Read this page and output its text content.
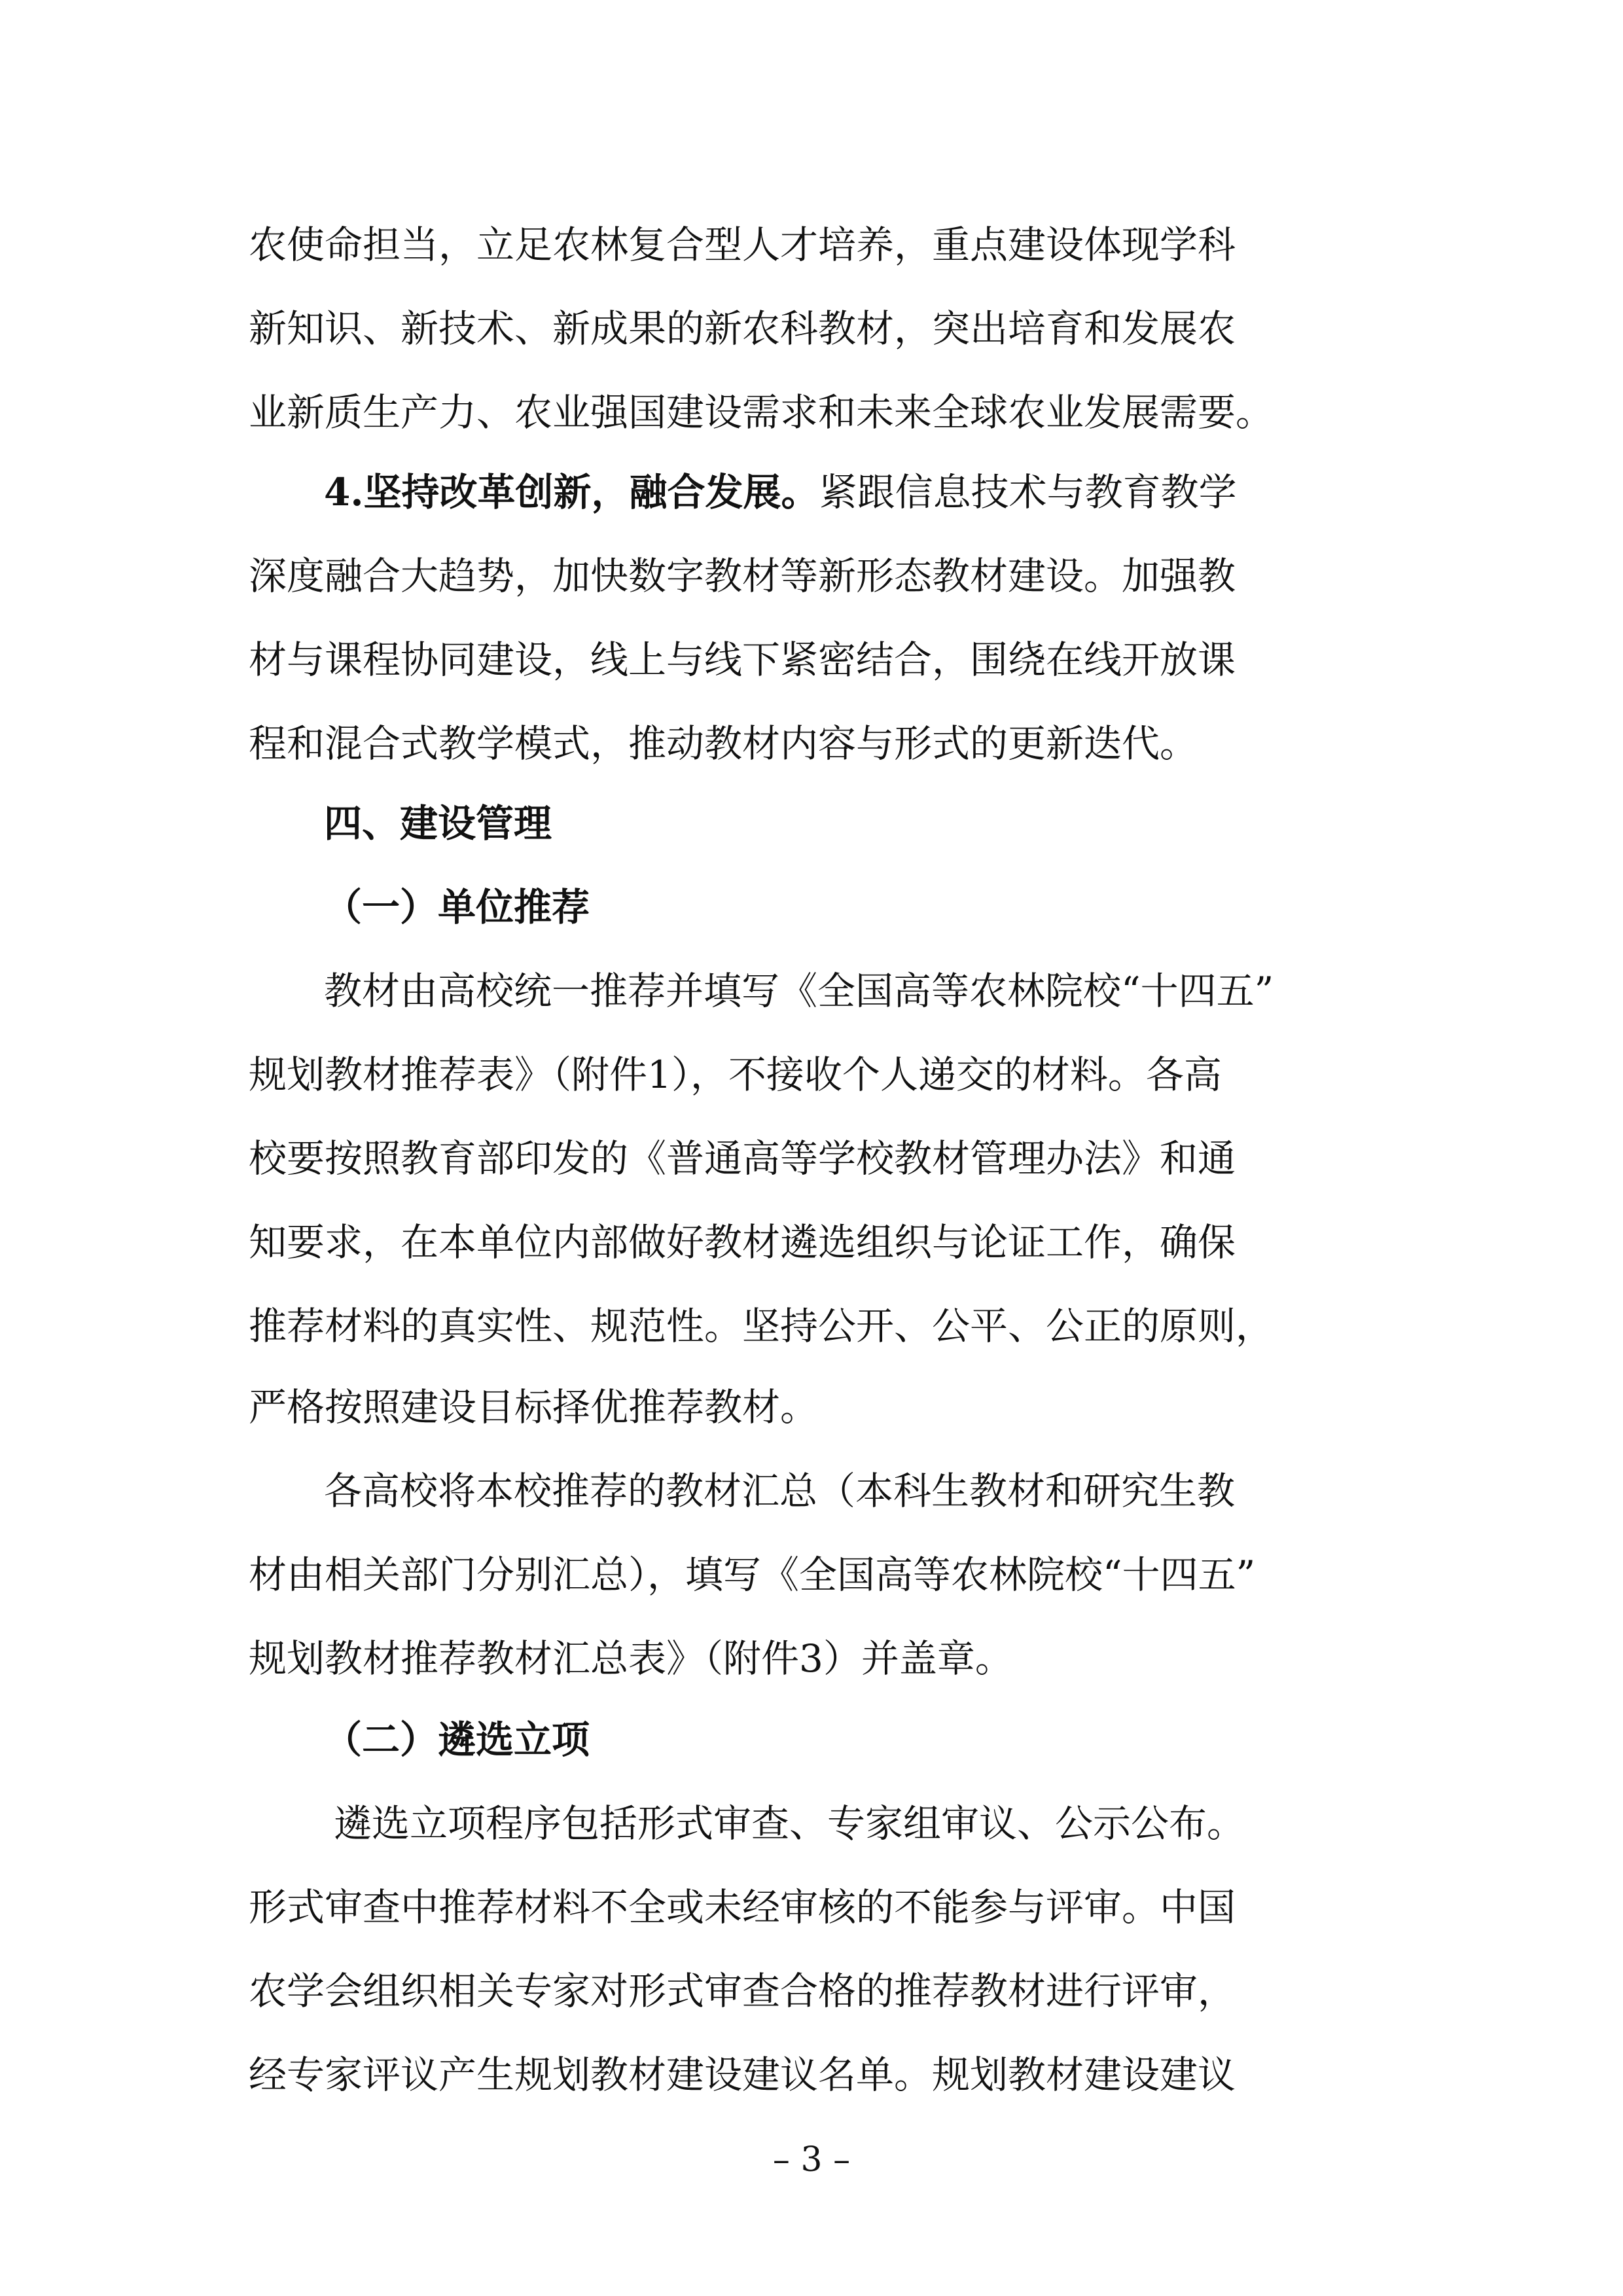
农使命担当，立足农林复合型人才培养，重点建设体现学科
新知识、新技术、新成果的新农科教材，突出培育和发展农
业新质生产力、农业强国建设需求和未来全球农业发展需要。
4.坚持改革创新，融合发展。紧跟信息技术与教育教学
深度融合大趋势，加快数字教材等新形态教材建设。加强教
材与课程协同建设，线上与线下紧密结合，围绕在线开放课
程和混合式教学模式，推动教材内容与形式的更新迭代。
四、建设管理
（一）单位推荐
教材由高校统一推荐并填写《全国高等农林院校“十四五”
规划教材推荐表》（附件1），不接收个人递交的材料。各高
校要按照教育部印发的《普通高等学校教材管理办法》和通
知要求，在本单位内部做好教材遴选组织与论证工作，确保
推荐材料的真实性、规范性。坚持公开、公平、公正的原则，
严格按照建设目标择优推荐教材。
各高校将本校推荐的教材汇总（本科生教材和研究生教
材由相关部门分别汇总），填写《全国高等农林院校“十四五”
规划教材推荐教材汇总表》（附件3）并盖章。
（二）遴选立项
遴选立项程序包括形式审查、专家组审议、公示公布。
形式审查中推荐材料不全或未经审核的不能参与评审。中国
农学会组织相关专家对形式审查合格的推荐教材进行评审，
经专家评议产生规划教材建设建议名单。规划教材建设建议
– 3 –
